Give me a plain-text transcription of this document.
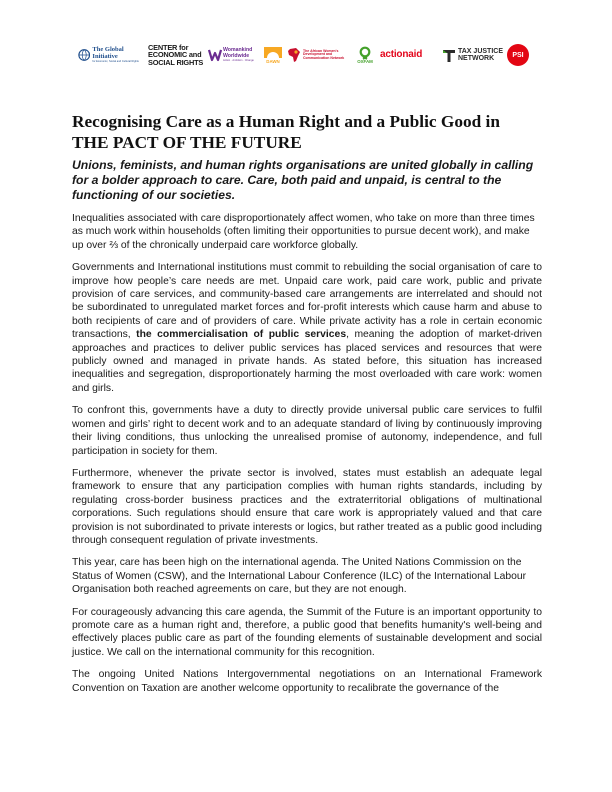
The Global Initiative
for Economic, Social and Cultural Rights
CENTER for
ECONOMIC and
SOCIAL RIGHTS
Womankind
Worldwide
Action · Ambition · Change	DAWN
The African Women's
Development and
Communication Network
OXFAM
actionaid	TAX JUSTICE
NETWORK	PSI
Recognising Care as a Human Right and a Public Good in
THE PACT OF THE FUTURE

Unions, feminists, and human rights organisations are united globally in calling for a bolder approach to care. Care, both paid and unpaid, is central to the functioning of our societies.

Inequalities associated with care disproportionately affect women, who take on more than three times as much work within households (often limiting their opportunities to pursue decent work), and make up over ⅔ of the chronically underpaid care workforce globally.

Governments and International institutions must commit to rebuilding the social organisation of care to improve how people’s care needs are met. Unpaid care work, paid care work, public and private provision of care services, and community-based care arrangements are interrelated and should not be subordinated to unregulated market forces and for-profit interests which cause harm and abuse to both recipients of care and of providers of care. While private activity has a role in certain economic transactions, the commercialisation of public services, meaning the adoption of market-driven approaches and practices to deliver public services has placed services and resources that were publicly owned and managed in private hands. As stated before, this situation has increased inequalities and segregation, disproportionately harming the most overloaded with care work: women and girls.

To confront this, governments have a duty to directly provide universal public care services to fulfil women and girls’ right to decent work and to an adequate standard of living by continuously improving their living conditions, thus unlocking the unrealised promise of autonomy, independence, and full participation in society for them.

Furthermore, whenever the private sector is involved, states must establish an adequate legal framework to ensure that any participation complies with human rights standards, including by regulating cross-border business practices and the extraterritorial obligations of multinational corporations. Such regulations should ensure that care work is appropriately valued and that care provision is not subordinated to private interests or logics, but rather treated as a public good including through consequent regulation of private investments.

This year, care has been high on the international agenda. The United Nations Commission on the Status of Women (CSW), and the International Labour Conference (ILC) of the International Labour Organisation both reached agreements on care, but they are not enough.

For courageously advancing this care agenda, the Summit of the Future is an important opportunity to promote care as a human right and, therefore, a public good that benefits humanity's well-being and effectively places public care as part of the founding elements of sustainable development and social justice. We call on the international community for this recognition.

The ongoing United Nations Intergovernmental negotiations on an International Framework Convention on Taxation are another welcome opportunity to recalibrate the governance of the
